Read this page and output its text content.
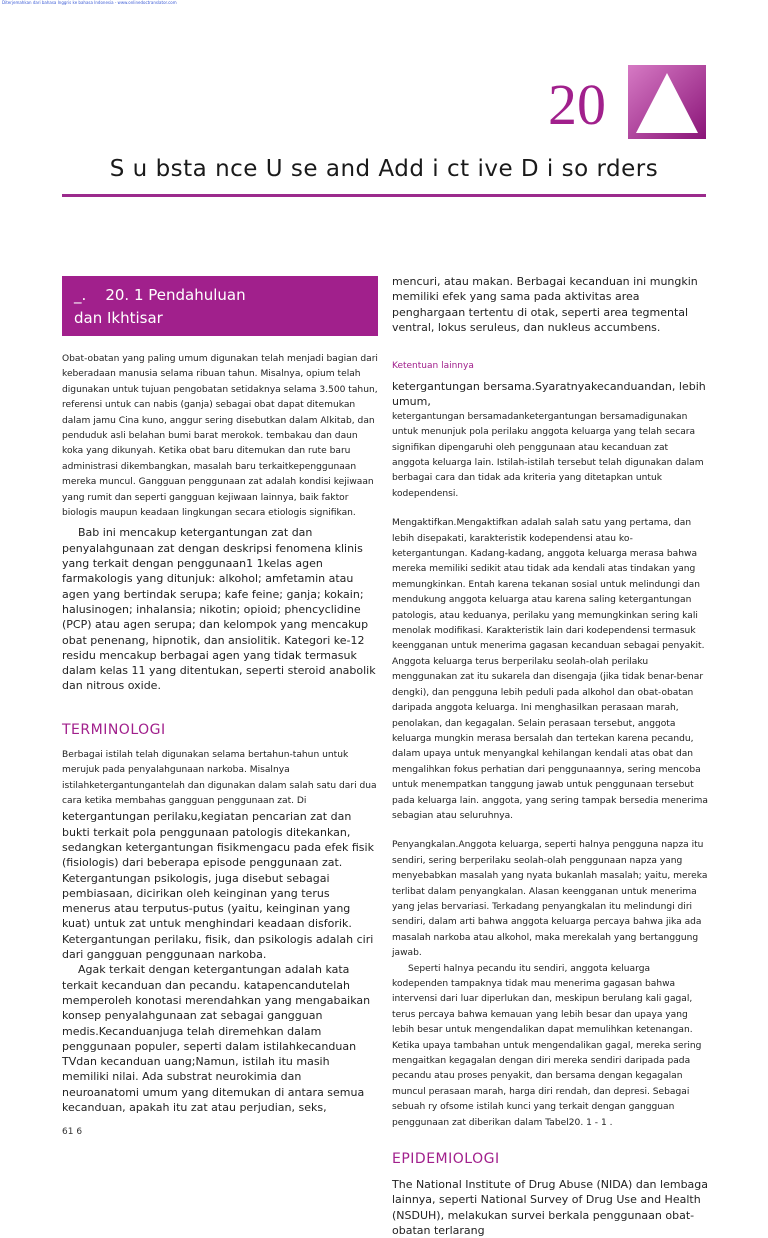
Diterjemahkan dari bahasa Inggris ke bahasa Indonesia - www.onlinedoctranslator.com
20
S u bsta nce U se and Add i ct ive D i so rders
_.    20. 1 Pendahuluan
dan Ikhtisar

Obat-obatan yang paling umum digunakan telah menjadi bagian dari keberadaan manusia selama ribuan tahun. Misalnya, opium telah digunakan untuk tujuan pengobatan setidaknya selama 3.500 tahun, referensi untuk can nabis (ganja) sebagai obat dapat ditemukan dalam jamu Cina kuno, anggur sering disebutkan dalam Alkitab, dan penduduk asli belahan bumi barat merokok. tembakau dan daun koka yang dikunyah. Ketika obat baru ditemukan dan rute baru administrasi dikembangkan, masalah baru terkaitkepenggunaan mereka muncul. Gangguan penggunaan zat adalah kondisi kejiwaan yang rumit dan seperti gangguan kejiwaan lainnya, baik faktor biologis maupun keadaan lingkungan secara etiologis signifikan.

Bab ini mencakup ketergantungan zat dan penyalahgunaan zat dengan deskripsi fenomena klinis yang terkait dengan penggunaan1 1kelas agen farmakologis yang ditunjuk: alkohol; amfetamin atau agen yang bertindak serupa; kafe feine; ganja; kokain; halusinogen; inhalansia; nikotin; opioid; phencyclidine (PCP) atau agen serupa; dan kelompok yang mencakup obat penenang, hipnotik, dan ansiolitik. Kategori ke-12 residu mencakup berbagai agen yang tidak termasuk dalam kelas 11 yang ditentukan, seperti steroid anabolik dan nitrous oxide.

TERMINOLOGI

Berbagai istilah telah digunakan selama bertahun-tahun untuk merujuk pada penyalahgunaan narkoba. Misalnya istilahketergantungantelah dan digunakan dalam salah satu dari dua cara ketika membahas gangguan penggunaan zat. Di

ketergantungan perilaku,kegiatan pencarian zat dan bukti terkait pola penggunaan patologis ditekankan, sedangkan ketergantungan fisikmengacu pada efek fisik (fisiologis) dari beberapa episode penggunaan zat. Ketergantungan psikologis, juga disebut sebagai pembiasaan, dicirikan oleh keinginan yang terus menerus atau terputus-putus (yaitu, keinginan yang kuat) untuk zat untuk menghindari keadaan disforik. Ketergantungan perilaku, fisik, dan psikologis adalah ciri dari gangguan penggunaan narkoba.

Agak terkait dengan ketergantungan adalah kata terkait kecanduan dan pecandu. katapencandutelah memperoleh konotasi merendahkan yang mengabaikan konsep penyalahgunaan zat sebagai gangguan medis.Kecanduanjuga telah diremehkan dalam penggunaan populer, seperti dalam istilahkecanduan TVdan kecanduan uang;Namun, istilah itu masih memiliki nilai. Ada substrat neurokimia dan neuroanatomi umum yang ditemukan di antara semua kecanduan, apakah itu zat atau perjudian, seks,

61 6

mencuri, atau makan. Berbagai kecanduan ini mungkin memiliki efek yang sama pada aktivitas area penghargaan tertentu di otak, seperti area tegmental ventral, lokus seruleus, dan nukleus accumbens.

Ketentuan lainnya

ketergantungan bersama.Syaratnyakecanduandan, lebih umum,

ketergantungan bersamadanketergantungan bersamadigunakan untuk menunjuk pola perilaku anggota keluarga yang telah secara signifikan dipengaruhi oleh penggunaan atau kecanduan zat anggota keluarga lain. Istilah-istilah tersebut telah digunakan dalam berbagai cara dan tidak ada kriteria yang ditetapkan untuk kodependensi.

Mengaktifkan.Mengaktifkan adalah salah satu yang pertama, dan lebih disepakati, karakteristik kodependensi atau ko-ketergantungan. Kadang-kadang, anggota keluarga merasa bahwa mereka memiliki sedikit atau tidak ada kendali atas tindakan yang memungkinkan. Entah karena tekanan sosial untuk melindungi dan mendukung anggota keluarga atau karena saling ketergantungan patologis, atau keduanya, perilaku yang memungkinkan sering kali menolak modifikasi. Karakteristik lain dari kodependensi termasuk keengganan untuk menerima gagasan kecanduan sebagai penyakit. Anggota keluarga terus berperilaku seolah-olah perilaku menggunakan zat itu sukarela dan disengaja (jika tidak benar-benar dengki), dan pengguna lebih peduli pada alkohol dan obat-obatan daripada anggota keluarga. Ini menghasilkan perasaan marah, penolakan, dan kegagalan. Selain perasaan tersebut, anggota keluarga mungkin merasa bersalah dan tertekan karena pecandu, dalam upaya untuk menyangkal kehilangan kendali atas obat dan mengalihkan fokus perhatian dari penggunaannya, sering mencoba untuk menempatkan tanggung jawab untuk penggunaan tersebut pada keluarga lain. anggota, yang sering tampak bersedia menerima sebagian atau seluruhnya.

Penyangkalan.Anggota keluarga, seperti halnya pengguna napza itu sendiri, sering berperilaku seolah-olah penggunaan napza yang menyebabkan masalah yang nyata bukanlah masalah; yaitu, mereka terlibat dalam penyangkalan. Alasan keengganan untuk menerima yang jelas bervariasi. Terkadang penyangkalan itu melindungi diri sendiri, dalam arti bahwa anggota keluarga percaya bahwa jika ada masalah narkoba atau alkohol, maka merekalah yang bertanggung jawab.

Seperti halnya pecandu itu sendiri, anggota keluarga kodependen tampaknya tidak mau menerima gagasan bahwa intervensi dari luar diperlukan dan, meskipun berulang kali gagal, terus percaya bahwa kemauan yang lebih besar dan upaya yang lebih besar untuk mengendalikan dapat memulihkan ketenangan. Ketika upaya tambahan untuk mengendalikan gagal, mereka sering mengaitkan kegagalan dengan diri mereka sendiri daripada pada pecandu atau proses penyakit, dan bersama dengan kegagalan muncul perasaan marah, harga diri rendah, dan depresi. Sebagai sebuah ry ofsome istilah kunci yang terkait dengan gangguan penggunaan zat diberikan dalam Tabel20. 1 - 1 .

EPIDEMIOLOGI

The National Institute of Drug Abuse (NIDA) dan lembaga lainnya, seperti National Survey of Drug Use and Health (NSDUH), melakukan survei berkala penggunaan obat-obatan terlarang
